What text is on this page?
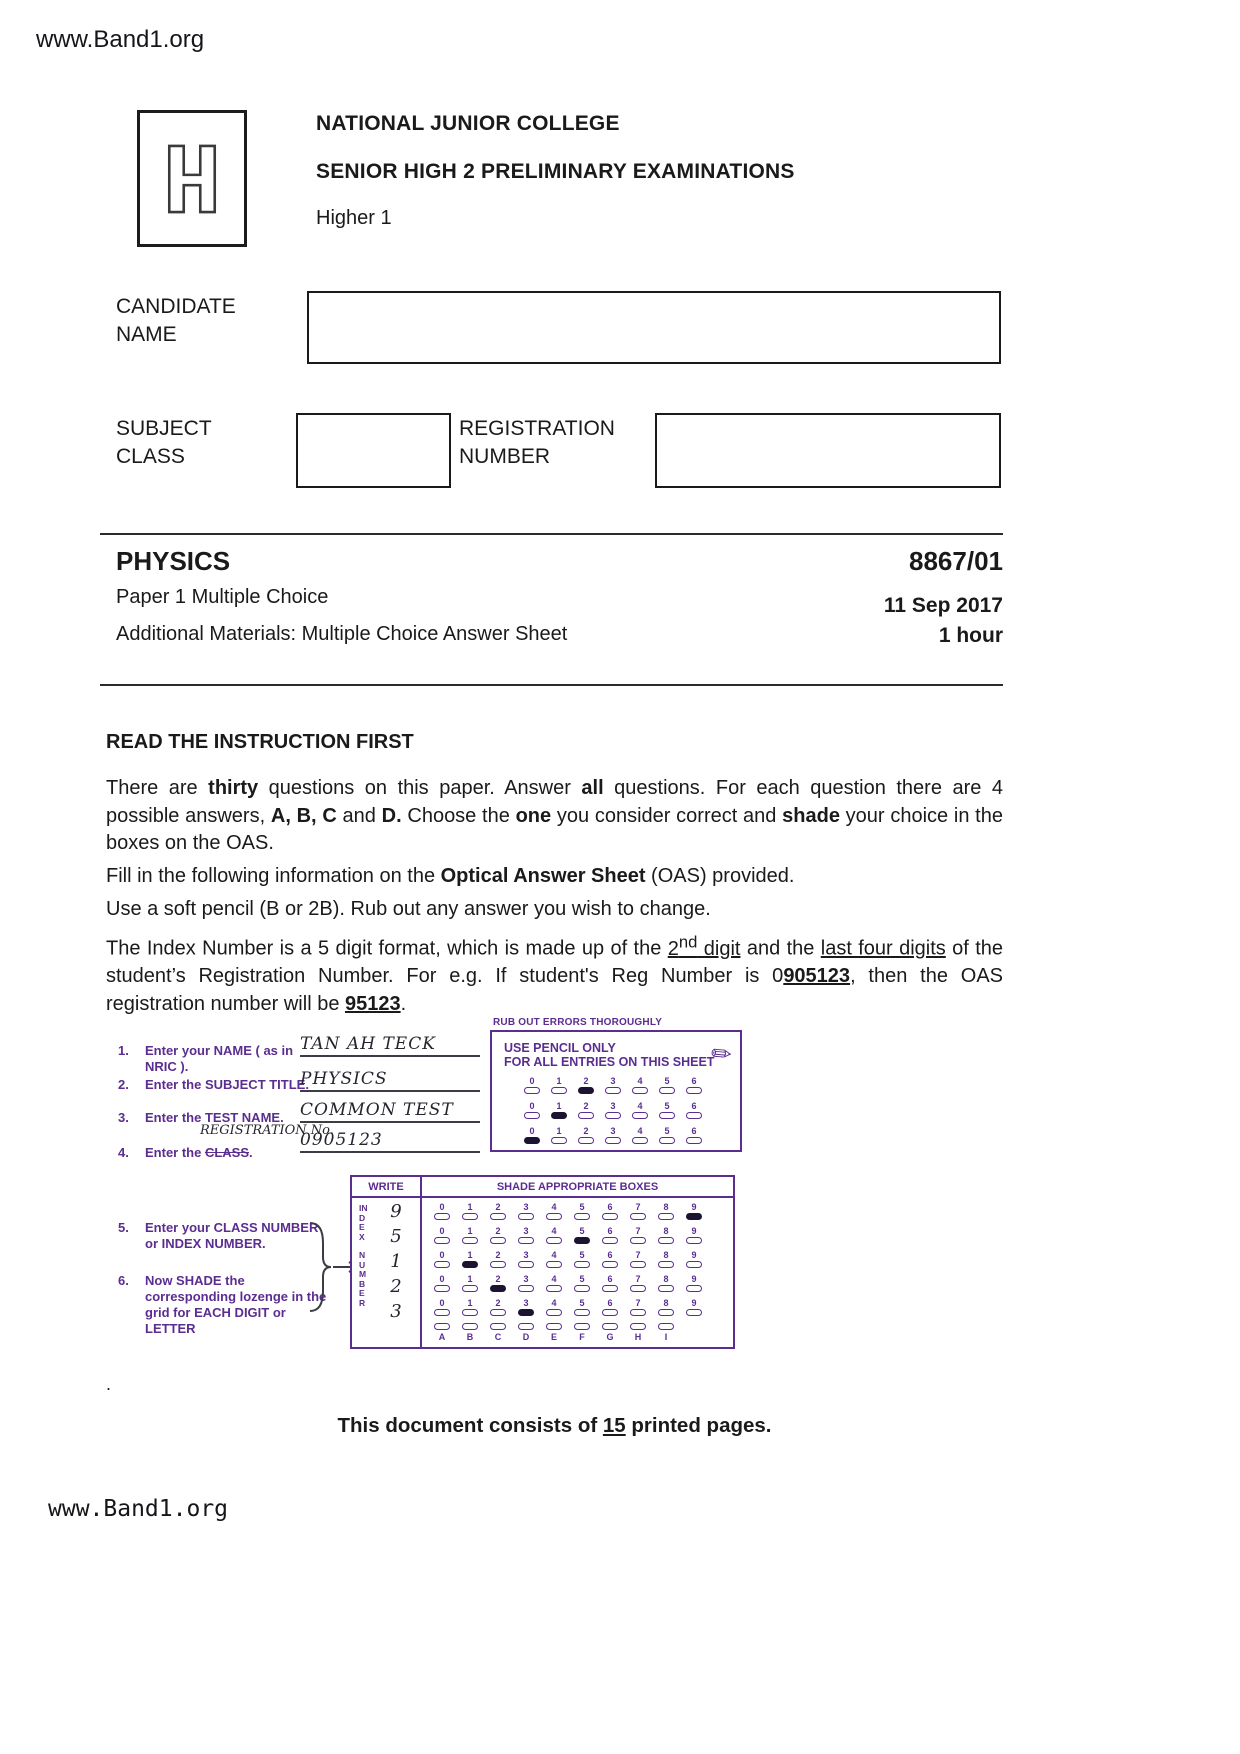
www.Band1.org
NATIONAL JUNIOR COLLEGE
SENIOR HIGH 2 PRELIMINARY EXAMINATIONS
Higher 1
CANDIDATE
NAME
SUBJECT
CLASS
REGISTRATION
NUMBER
PHYSICS
Paper 1 Multiple Choice
Additional Materials: Multiple Choice Answer Sheet
8867/01
11 Sep 2017
1 hour
READ THE INSTRUCTION FIRST
There are thirty questions on this paper. Answer all questions. For each question there are 4 possible answers, A, B, C and D. Choose the one you consider correct and shade your choice in the boxes on the OAS.
Fill in the following information on the Optical Answer Sheet (OAS) provided.
Use a soft pencil (B or 2B). Rub out any answer you wish to change.
The Index Number is a 5 digit format, which is made up of the 2nd digit and the last four digits of the student’s Registration Number. For e.g. If student's Reg Number is 0905123, then the OAS registration number will be 95123.
RUB OUT ERRORS THOROUGHLY
USE PENCIL ONLY
FOR ALL ENTRIES ON THIS SHEET
✎
0 1 2 3 4 5 6
0 1 2 3 4 5 6
0 1 2 3 4 5 6
1.	Enter your NAME ( as in NRIC ).
TAN AH TECK
2.	Enter the SUBJECT TITLE.
PHYSICS
3.	Enter the TEST NAME. COMMON TEST
REGISTRATION No.
4.	Enter the CLASS.
0905123
5.	Enter your CLASS NUMBER or INDEX NUMBER.
6.	Now SHADE the corresponding lozenge in the grid for EACH DIGIT or LETTER
WRITE	SHADE APPROPRIATE BOXES
INDEX
NUMBER
9
5
1
2
3
0	1	2	3	4	5	6	7	8	9
0	1	2	3	4	5	6	7	8	9
0	1	2	3	4	5	6	7	8	9
0	1	2	3	4	5	6	7	8	9
0	1	2	3	4	5	6	7	8	9
A B C D E F G H	I
.
This document consists of 15 printed pages.
www.Band1.org
